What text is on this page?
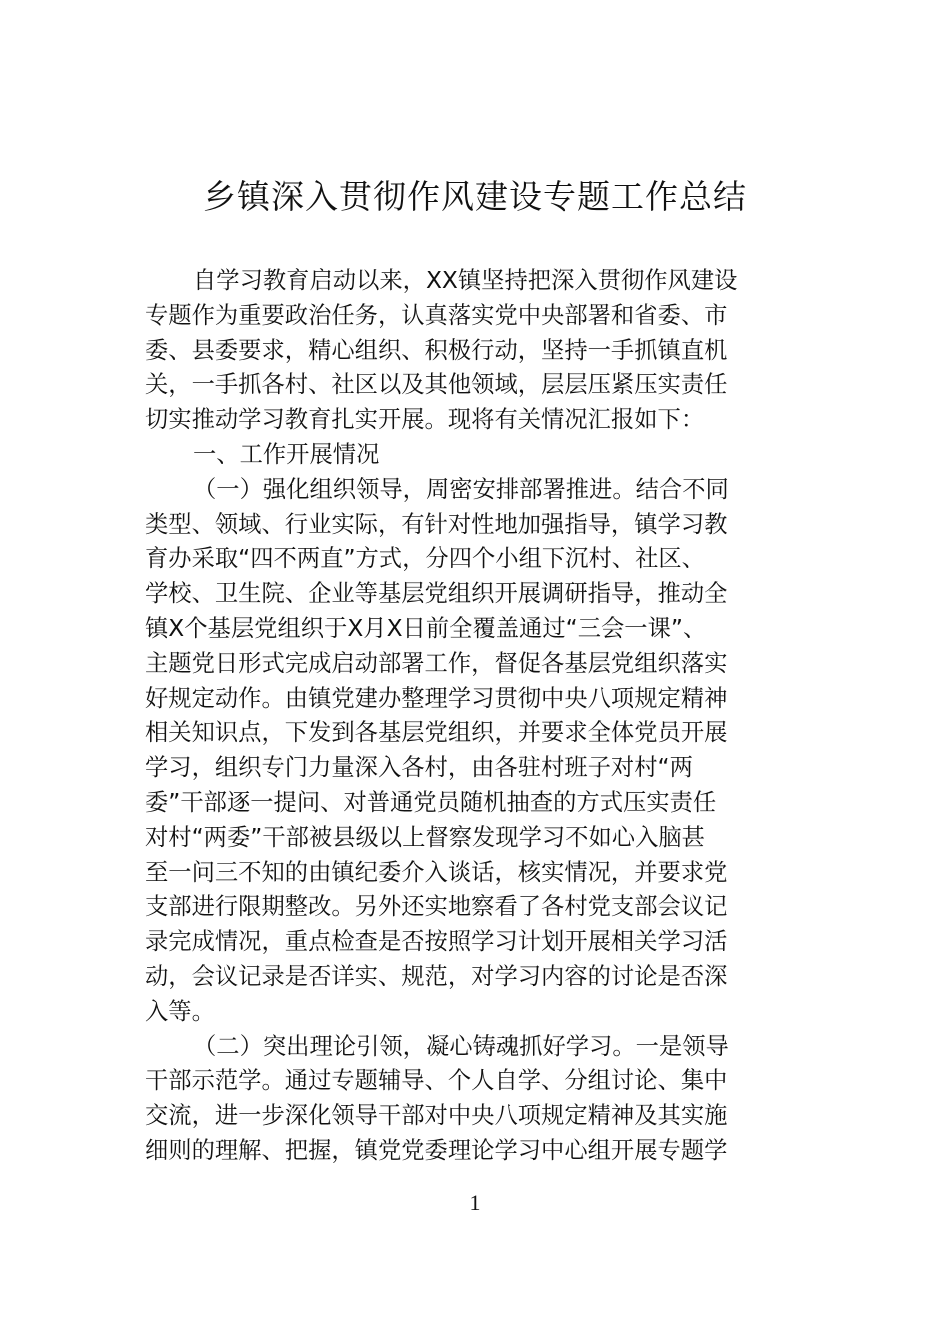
乡镇深入贯彻作风建设专题工作总结
自学习教育启动以来，XX镇坚持把深入贯彻作风建设
专题作为重要政治任务，认真落实党中央部署和省委、市
委、县委要求，精心组织、积极行动，坚持一手抓镇直机
关，一手抓各村、社区以及其他领域，层层压紧压实责任
切实推动学习教育扎实开展。现将有关情况汇报如下：
一、工作开展情况
（一）强化组织领导，周密安排部署推进。结合不同
类型、领域、行业实际，有针对性地加强指导，镇学习教
育办采取“四不两直”方式，分四个小组下沉村、社区、
学校、卫生院、企业等基层党组织开展调研指导，推动全
镇X个基层党组织于X月X日前全覆盖通过“三会一课”、
主题党日形式完成启动部署工作，督促各基层党组织落实
好规定动作。由镇党建办整理学习贯彻中央八项规定精神
相关知识点，下发到各基层党组织，并要求全体党员开展
学习，组织专门力量深入各村，由各驻村班子对村“两
委”干部逐一提问、对普通党员随机抽查的方式压实责任
对村“两委”干部被县级以上督察发现学习不如心入脑甚
至一问三不知的由镇纪委介入谈话，核实情况，并要求党
支部进行限期整改。另外还实地察看了各村党支部会议记
录完成情况，重点检查是否按照学习计划开展相关学习活
动，会议记录是否详实、规范，对学习内容的讨论是否深
入等。
（二）突出理论引领，凝心铸魂抓好学习。一是领导
干部示范学。通过专题辅导、个人自学、分组讨论、集中
交流，进一步深化领导干部对中央八项规定精神及其实施
细则的理解、把握，镇党党委理论学习中心组开展专题学
1
